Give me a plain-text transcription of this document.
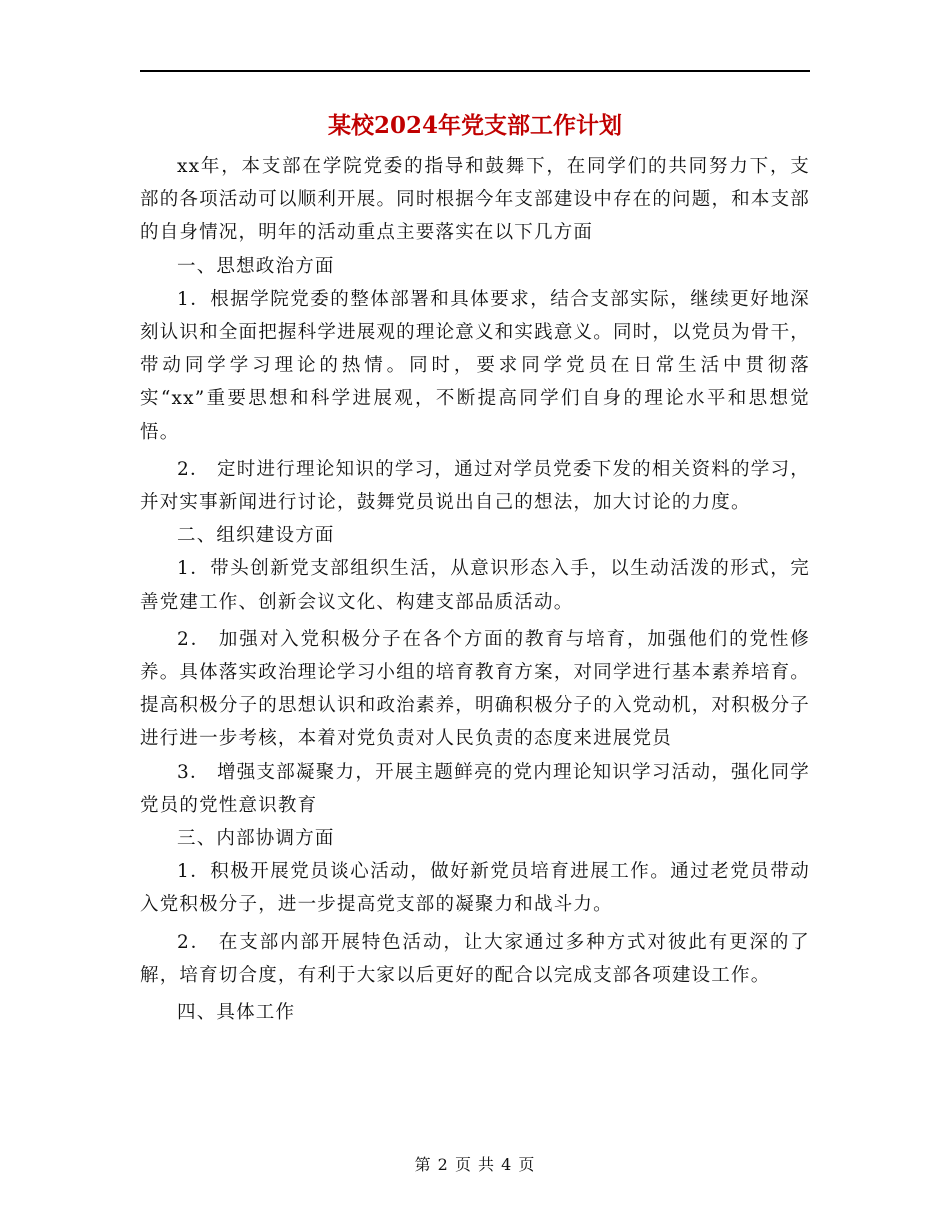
某校2024年党支部工作计划

xx年，本支部在学院党委的指导和鼓舞下，在同学们的共同努力下，支部的各项活动可以顺利开展。同时根据今年支部建设中存在的问题，和本支部的自身情况，明年的活动重点主要落实在以下几方面

一、思想政治方面

1．根据学院党委的整体部署和具体要求，结合支部实际，继续更好地深刻认识和全面把握科学进展观的理论意义和实践意义。同时，以党员为骨干，带动同学学习理论的热情。同时，要求同学党员在日常生活中贯彻落实“xx”重要思想和科学进展观，不断提高同学们自身的理论水平和思想觉悟。

2． 定时进行理论知识的学习，通过对学员党委下发的相关资料的学习，并对实事新闻进行讨论，鼓舞党员说出自己的想法，加大讨论的力度。

二、组织建设方面

1．带头创新党支部组织生活，从意识形态入手，以生动活泼的形式，完善党建工作、创新会议文化、构建支部品质活动。

2． 加强对入党积极分子在各个方面的教育与培育，加强他们的党性修养。具体落实政治理论学习小组的培育教育方案，对同学进行基本素养培育。提高积极分子的思想认识和政治素养，明确积极分子的入党动机，对积极分子进行进一步考核，本着对党负责对人民负责的态度来进展党员

3． 增强支部凝聚力，开展主题鲜亮的党内理论知识学习活动，强化同学党员的党性意识教育

三、内部协调方面

1．积极开展党员谈心活动，做好新党员培育进展工作。通过老党员带动入党积极分子，进一步提高党支部的凝聚力和战斗力。

2． 在支部内部开展特色活动，让大家通过多种方式对彼此有更深的了解，培育切合度，有利于大家以后更好的配合以完成支部各项建设工作。

四、具体工作

第 2 页 共 4 页
